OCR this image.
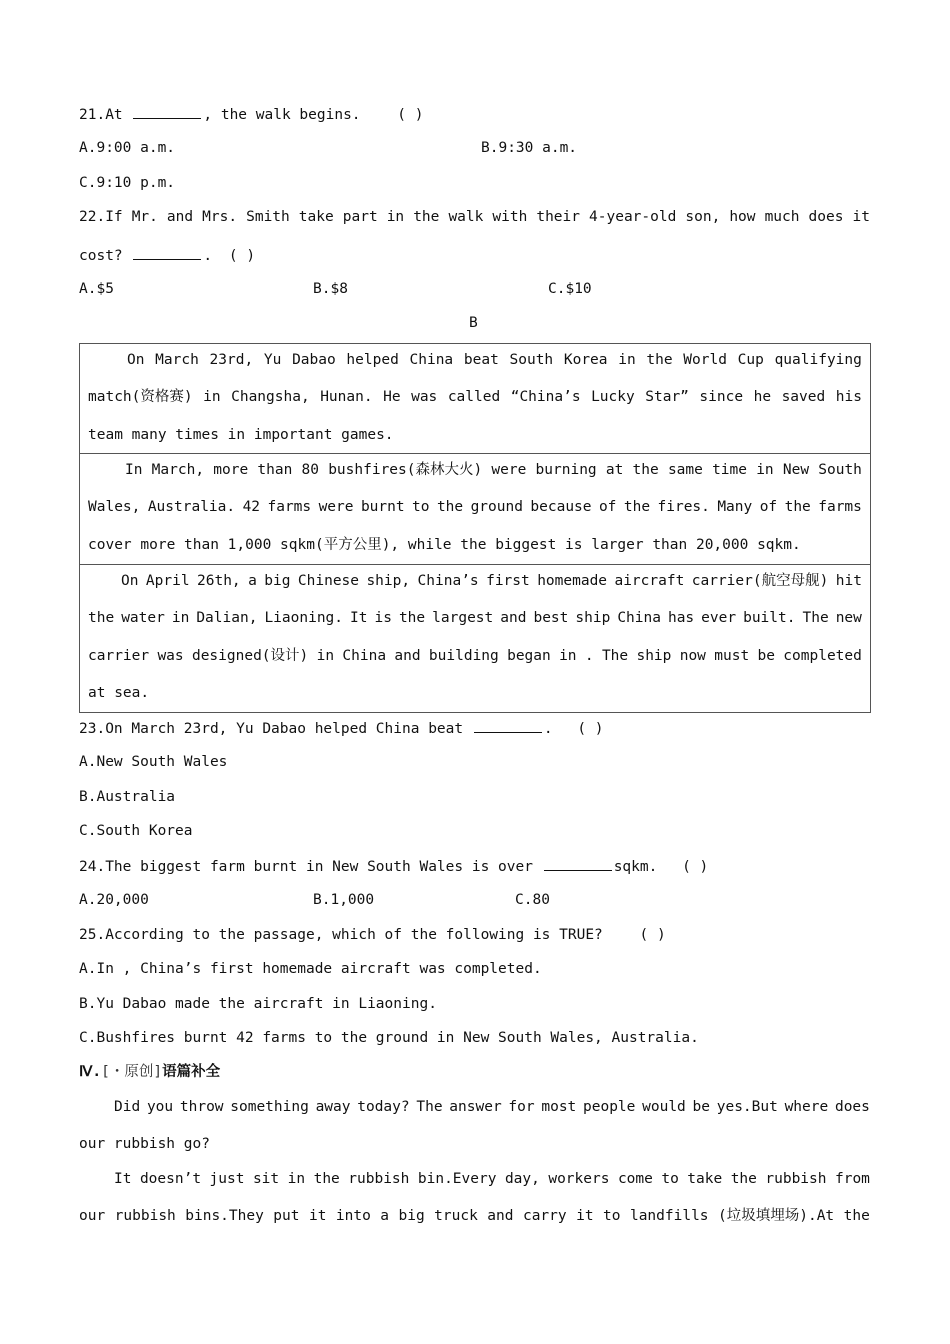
21.At	, the walk begins.	( )
A.9:00 a.m.	B.9:30 a.m.
C.9:10 p.m.
22.If Mr. and Mrs. Smith take part in the walk with their 4-year-old son, how much does it
cost?	. ( )
A.$5	B.$8	C.$10
B
On March 23rd, Yu Dabao helped China beat South Korea in the World Cup qualifying
match(资格赛) in Changsha, Hunan. He was called “China’s Lucky Star” since he saved his
team many times in important games.
In March, more than 80 bushfires(森林大火) were burning at the same time in New South
Wales, Australia. 42 farms were burnt to the ground because of the fires. Many of the farms
cover more than 1,000 sqkm(平方公里), while the biggest is larger than 20,000 sqkm.
On April 26th, a big Chinese ship, China’s first homemade aircraft carrier(航空母舰) hit
the water in Dalian, Liaoning. It is the largest and best ship China has ever built. The new
carrier was designed(设计) in China and building began in . The ship now must be completed
at sea.
23.On March 23rd, Yu Dabao helped China beat	. ( )
A.New South Wales
B.Australia
C.South Korea
24.The biggest farm burnt in New South Wales is over	sqkm. ( )
A.20,000	B.1,000	C.80
25.According to the passage, which of the following is TRUE?	( )
A.In , China’s first homemade aircraft was completed.
B.Yu Dabao made the aircraft in Liaoning.
C.Bushfires burnt 42 farms to the ground in New South Wales, Australia.
Ⅳ.[・原创]语篇补全
Did you throw something away today? The answer for most people would be yes.But where does
our rubbish go?
It doesn’t just sit in the rubbish bin.Every day, workers come to take the rubbish from
our rubbish bins.They put it into a big truck and carry it to landfills (垃圾填埋场).At the
